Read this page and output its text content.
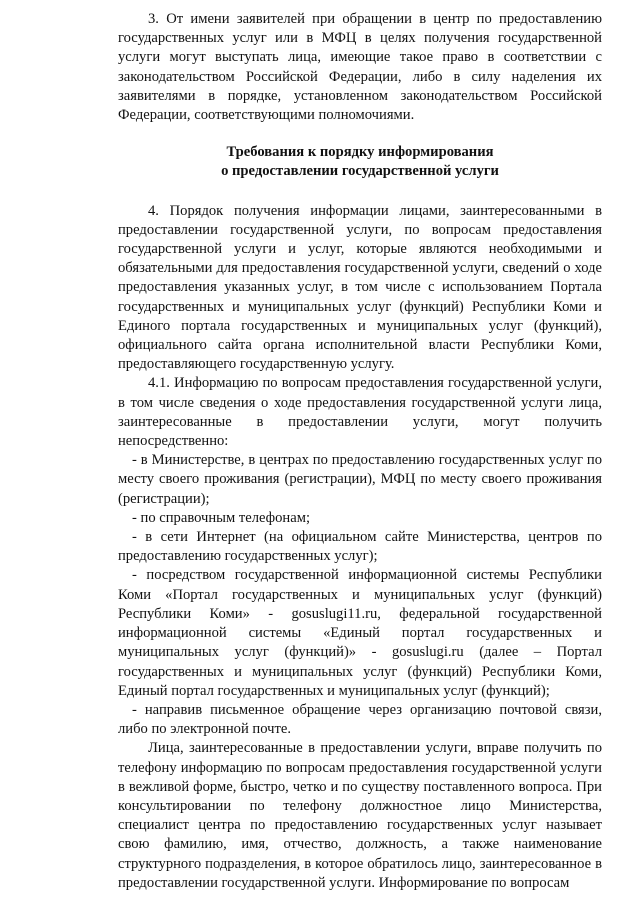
3. От имени заявителей при обращении в центр по предоставлению государственных услуг или в МФЦ в целях получения государственной услуги могут выступать лица, имеющие такое право в соответствии с законодательством Российской Федерации, либо в силу наделения их заявителями в порядке, установленном законодательством Российской Федерации, соответствующими полномочиями.

Требования к порядку информирования
о предоставлении государственной услуги

4. Порядок получения информации лицами, заинтересованными в предоставлении государственной услуги, по вопросам предоставления государственной услуги и услуг, которые являются необходимыми и обязательными для предоставления государственной услуги, сведений о ходе предоставления указанных услуг, в том числе с использованием Портала государственных и муниципальных услуг (функций) Республики Коми и Единого портала государственных и муниципальных услуг (функций), официального сайта органа исполнительной власти Республики Коми, предоставляющего государственную услугу.

4.1. Информацию по вопросам предоставления государственной услуги, в том числе сведения о ходе предоставления государственной услуги лица, заинтересованные в предоставлении услуги, могут получить непосредственно:

- в Министерстве, в центрах по предоставлению государственных услуг по месту своего проживания (регистрации), МФЦ по месту своего проживания (регистрации);

- по справочным телефонам;

- в сети Интернет (на официальном сайте Министерства, центров по предоставлению государственных услуг);

- посредством государственной информационной системы Республики Коми «Портал государственных и муниципальных услуг (функций) Республики Коми» - gosuslugi11.ru, федеральной государственной информационной системы «Единый портал государственных и муниципальных услуг (функций)» - gosuslugi.ru (далее – Портал государственных и муниципальных услуг (функций) Республики Коми, Единый портал государственных и муниципальных услуг (функций);

- направив письменное обращение через организацию почтовой связи, либо по электронной почте.

Лица, заинтересованные в предоставлении услуги, вправе получить по телефону информацию по вопросам предоставления государственной услуги в вежливой форме, быстро, четко и по существу поставленного вопроса. При консультировании по телефону должностное лицо Министерства, специалист центра по предоставлению государственных услуг называет свою фамилию, имя, отчество, должность, а также наименование структурного подразделения, в которое обратилось лицо, заинтересованное в предоставлении государственной услуги. Информирование по вопросам
